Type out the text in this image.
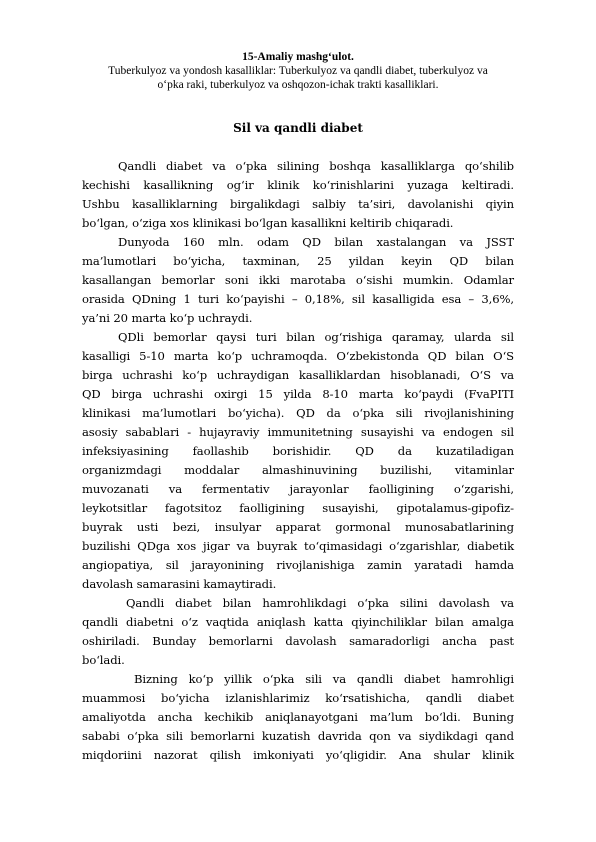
15-Amaliy mashg‘ulot.
Tuberkulyoz va yondosh kasalliklar: Tuberkulyoz va qandli diabet, tuberkulyoz va
o‘pka raki, tuberkulyoz va oshqozon-ichak trakti kasalliklari.
Sil va qandli diabet
Qandli diabet va o‘pka silining boshqa kasalliklarga qo‘shilib
kechishi kasallikning og‘ir klinik ko‘rinishlarini yuzaga keltiradi.
Ushbu kasalliklarning birgalikdagi salbiy ta’siri, davolanishi qiyin
bo‘lgan, o‘ziga xos klinikasi bo‘lgan kasallikni keltirib chiqaradi.
Dunyoda 160 mln. odam QD bilan xastalangan va JSST
ma’lumotlari bo‘yicha, taxminan, 25 yildan keyin QD bilan
kasallangan bemorlar soni ikki marotaba o‘sishi mumkin. Odamlar
orasida QDning 1 turi ko‘payishi – 0,18%, sil kasalligida esa – 3,6%,
ya’ni 20 marta ko‘p uchraydi.
QDli bemorlar qaysi turi bilan og‘rishiga qaramay, ularda sil
kasalligi 5-10 marta ko‘p uchramoqda. O‘zbekistonda QD bilan O‘S
birga uchrashi ko‘p uchraydigan kasalliklardan hisoblanadi, O‘S va
QD birga uchrashi oxirgi 15 yilda 8-10 marta ko‘paydi (FvaPITI
klinikasi ma’lumotlari bo‘yicha). QD da o‘pka sili rivojlanishining
asosiy sabablari - hujayraviy immunitetning susayishi va endogen sil
infeksiyasining faollashib borishidir. QD da kuzatiladigan
organizmdagi moddalar almashinuvining buzilishi, vitaminlar
muvozanati va fermentativ jarayonlar faolligining o‘zgarishi,
leykotsitlar fagotsitoz faolligining susayishi, gipotalamus-gipofiz-
buyrak usti bezi, insulyar apparat gormonal munosabatlarining
buzilishi QDga xos jigar va buyrak to‘qimasidagi o‘zgarishlar, diabetik
angiopatiya, sil jarayonining rivojlanishiga zamin yaratadi hamda
davolash samarasini kamaytiradi.
Qandli diabet bilan hamrohlikdagi o‘pka silini davolash va
qandli diabetni o‘z vaqtida aniqlash katta qiyinchiliklar bilan amalga
oshiriladi. Bunday bemorlarni davolash samaradorligi ancha past
bo‘ladi.
Bizning ko‘p yillik o‘pka sili va qandli diabet hamrohligi
muammosi bo‘yicha izlanishlarimiz ko‘rsatishicha, qandli diabet
amaliyotda ancha kechikib aniqlanayotgani ma’lum bo‘ldi. Buning
sababi o‘pka sili bemorlarni kuzatish davrida qon va siydikdagi qand
miqdoriini nazorat qilish imkoniyati yo‘qligidir. Ana shular klinik
